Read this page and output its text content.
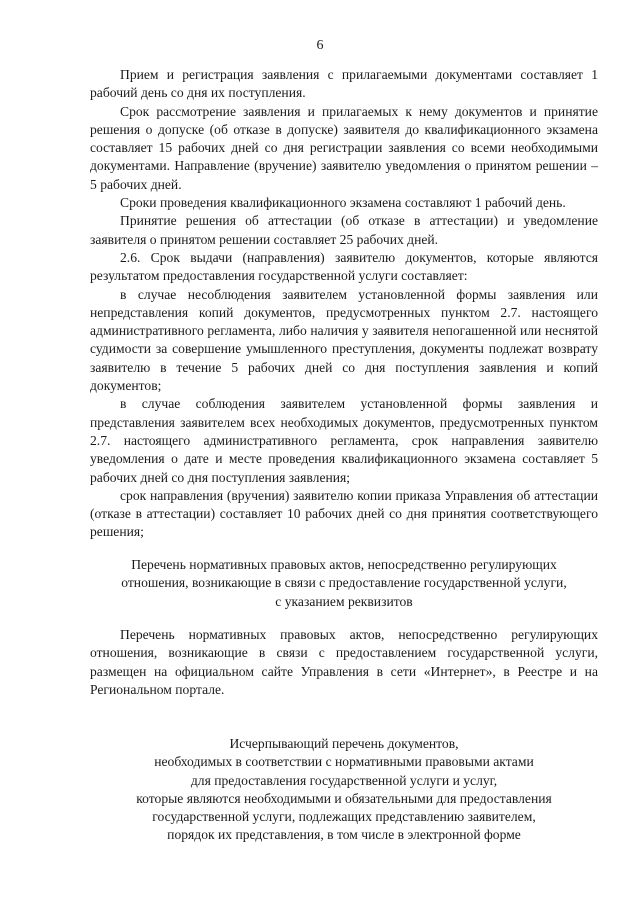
6

Прием и регистрация заявления с прилагаемыми документами составляет 1 рабочий день со дня их поступления.

Срок рассмотрение заявления и прилагаемых к нему документов и принятие решения о допуске (об отказе в допуске) заявителя до квалификационного экзамена составляет 15 рабочих дней со дня регистрации заявления со всеми необходимыми документами. Направление (вручение) заявителю уведомления о принятом решении – 5 рабочих дней.

Сроки проведения квалификационного экзамена составляют 1 рабочий день.

Принятие решения об аттестации (об отказе в аттестации) и уведомление заявителя о принятом решении составляет 25 рабочих дней.

2.6. Срок выдачи (направления) заявителю документов, которые являются результатом предоставления государственной услуги составляет:

в случае несоблюдения заявителем установленной формы заявления или непредставления копий документов, предусмотренных пунктом 2.7. настоящего административного регламента, либо наличия у заявителя непогашенной или неснятой судимости за совершение умышленного преступления, документы подлежат возврату заявителю в течение 5 рабочих дней со дня поступления заявления и копий документов;

в случае соблюдения заявителем установленной формы заявления и представления заявителем всех необходимых документов, предусмотренных пунктом 2.7. настоящего административного регламента, срок направления заявителю уведомления о дате и месте проведения квалификационного экзамена составляет 5 рабочих дней со дня поступления заявления;

срок направления (вручения) заявителю копии приказа Управления об аттестации (отказе в аттестации) составляет 10 рабочих дней со дня принятия соответствующего решения;

Перечень нормативных правовых актов, непосредственно регулирующих
отношения, возникающие в связи с предоставление государственной услуги,
с указанием реквизитов

Перечень нормативных правовых актов, непосредственно регулирующих отношения, возникающие в связи с предоставлением государственной услуги, размещен на официальном сайте Управления в сети «Интернет», в Реестре и на Региональном портале.

Исчерпывающий перечень документов,
необходимых в соответствии с нормативными правовыми актами
для предоставления государственной услуги и услуг,
которые являются необходимыми и обязательными для предоставления
государственной услуги, подлежащих представлению заявителем,
порядок их представления, в том числе в электронной форме
